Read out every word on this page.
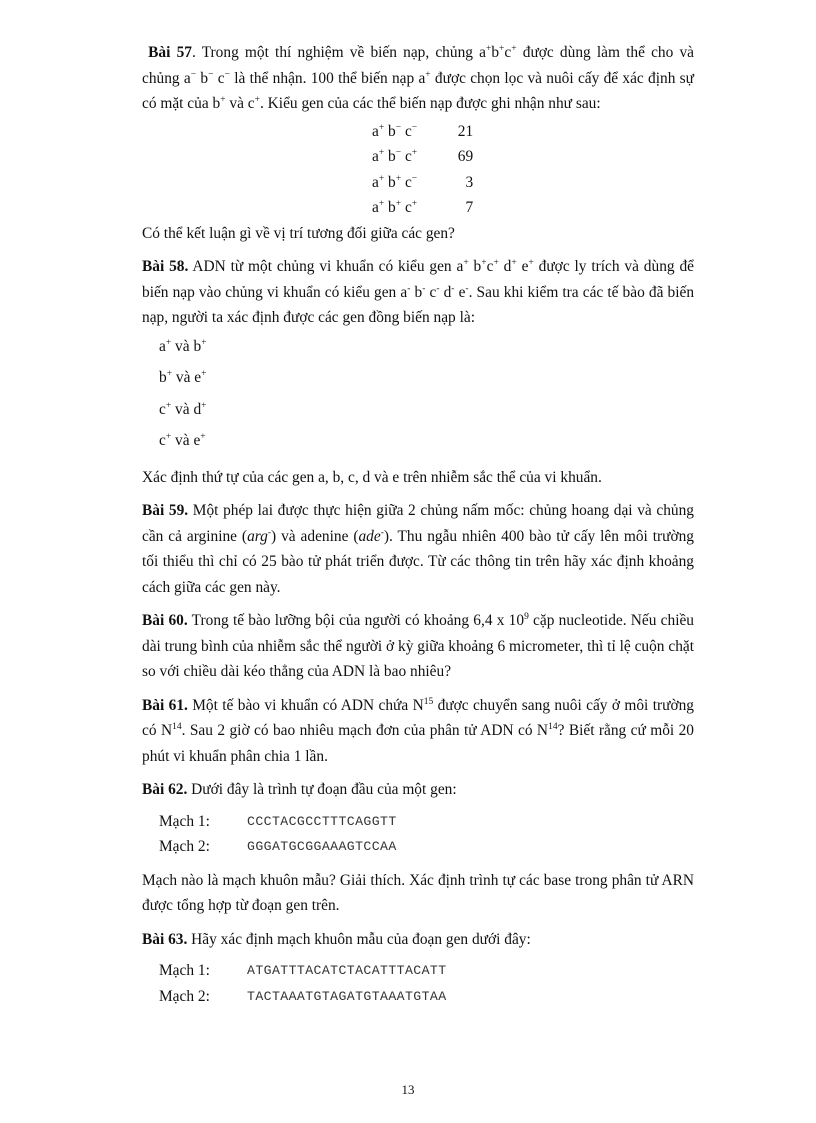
Bài 57. Trong một thí nghiệm về biến nạp, chủng a+b+c+ được dùng làm thể cho và chủng a− b− c− là thể nhận. 100 thể biến nạp a+ được chọn lọc và nuôi cấy để xác định sự có mặt của b+ và c+. Kiểu gen của các thể biến nạp được ghi nhận như sau:

a+ b− c−	21
a+ b− c+	69
a+ b+ c−	3
a+ b+ c+	7

Có thể kết luận gì về vị trí tương đối giữa các gen?

Bài 58. ADN từ một chủng vi khuẩn có kiểu gen a+ b+c+ d+ e+ được ly trích và dùng để biến nạp vào chủng vi khuẩn có kiểu gen a- b- c- d- e-. Sau khi kiểm tra các tế bào đã biến nạp, người ta xác định được các gen đồng biến nạp là:

a+ và b+
b+ và e+
c+ và d+
c+ và e+

Xác định thứ tự của các gen a, b, c, d và e trên nhiễm sắc thể của vi khuẩn.

Bài 59. Một phép lai được thực hiện giữa 2 chủng nấm mốc: chủng hoang dại và chủng cần cả arginine (arg-) và adenine (ade-). Thu ngẫu nhiên 400 bào tử cấy lên môi trường tối thiểu thì chỉ có 25 bào tử phát triển được. Từ các thông tin trên hãy xác định khoảng cách giữa các gen này.

Bài 60. Trong tế bào lưỡng bội của người có khoảng 6,4 x $10^9$ cặp nucleotide. Nếu chiều dài trung bình của nhiễm sắc thể người ở kỳ giữa khoảng 6 micrometer, thì tỉ lệ cuộn chặt so với chiều dài kéo thẳng của ADN là bao nhiêu?

Bài 61. Một tế bào vi khuẩn có ADN chứa $N^{15}$ được chuyển sang nuôi cấy ở môi trường có $N^{14}$. Sau 2 giờ có bao nhiêu mạch đơn của phân tử ADN có $N^{14}$? Biết rằng cứ mỗi 20 phút vi khuẩn phân chia 1 lần.

Bài 62. Dưới đây là trình tự đoạn đầu của một gen:

Mạch 1:	CCCTACGCCTTTCAGGTT
Mạch 2:	GGGATGCGGAAAGTCCAA

Mạch nào là mạch khuôn mẫu? Giải thích. Xác định trình tự các base trong phân tử ARN được tổng hợp từ đoạn gen trên.

Bài 63. Hãy xác định mạch khuôn mẫu của đoạn gen dưới đây:

Mạch 1:	ATGATTTACATCTACATTTACATT
Mạch 2:	TACTAAATGTAGATGTAAATGTAA
13
